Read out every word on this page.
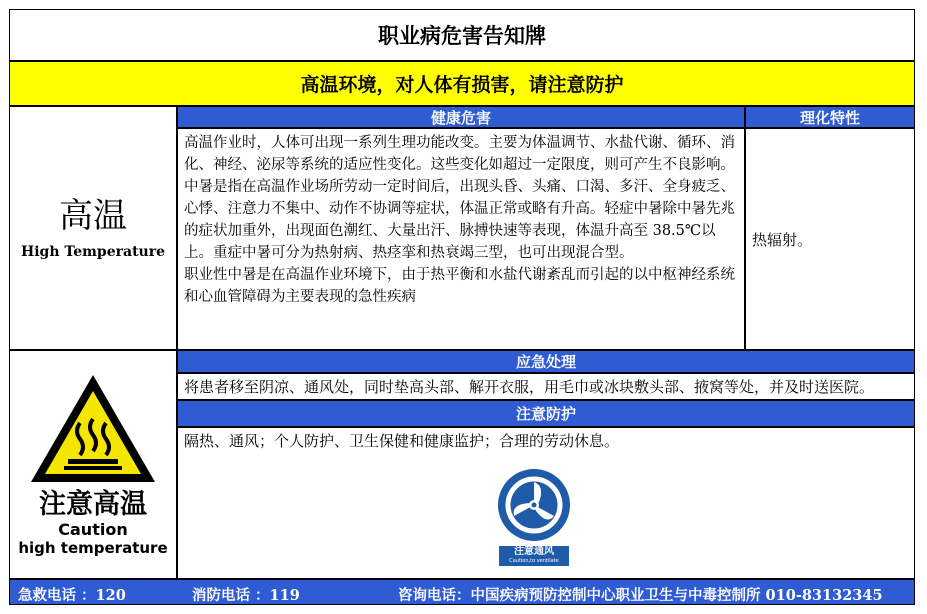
职业病危害告知牌
高温环境，对人体有损害，请注意防护
高温
High Temperature
健康危害	理化特性

高温作业时，人体可出现一系列生理功能改变。主要为体温调节、水盐代谢、循环、消化、神经、泌尿等系统的适应性变化。这些变化如超过一定限度，则可产生不良影响。

中暑是指在高温作业场所劳动一定时间后，出现头昏、头痛、口渴、多汗、全身疲乏、心悸、注意力不集中、动作不协调等症状，体温正常或略有升高。轻症中暑除中暑先兆的症状加重外，出现面色潮红、大量出汗、脉搏快速等表现，体温升高至 38.5℃以上。重症中暑可分为热射病、热痉挛和热衰竭三型，也可出现混合型。

职业性中暑是在高温作业环境下，由于热平衡和水盐代谢紊乱而引起的以中枢神经系统和心血管障碍为主要表现的急性疾病

热辐射。
注意高温
Caution
high temperature
应急处理
将患者移至阴凉、通风处，同时垫高头部、解开衣服，用毛巾或冰块敷头部、掖窝等处，并及时送医院。
注意防护
隔热、通风；个人防护、卫生保健和健康监护；合理的劳动休息。
注意通风
Caution,to ventilate
急救电话 ：120	消防电话 ：119	咨询电话：中国疾病预防控制中心职业卫生与中毒控制所 010-83132345
